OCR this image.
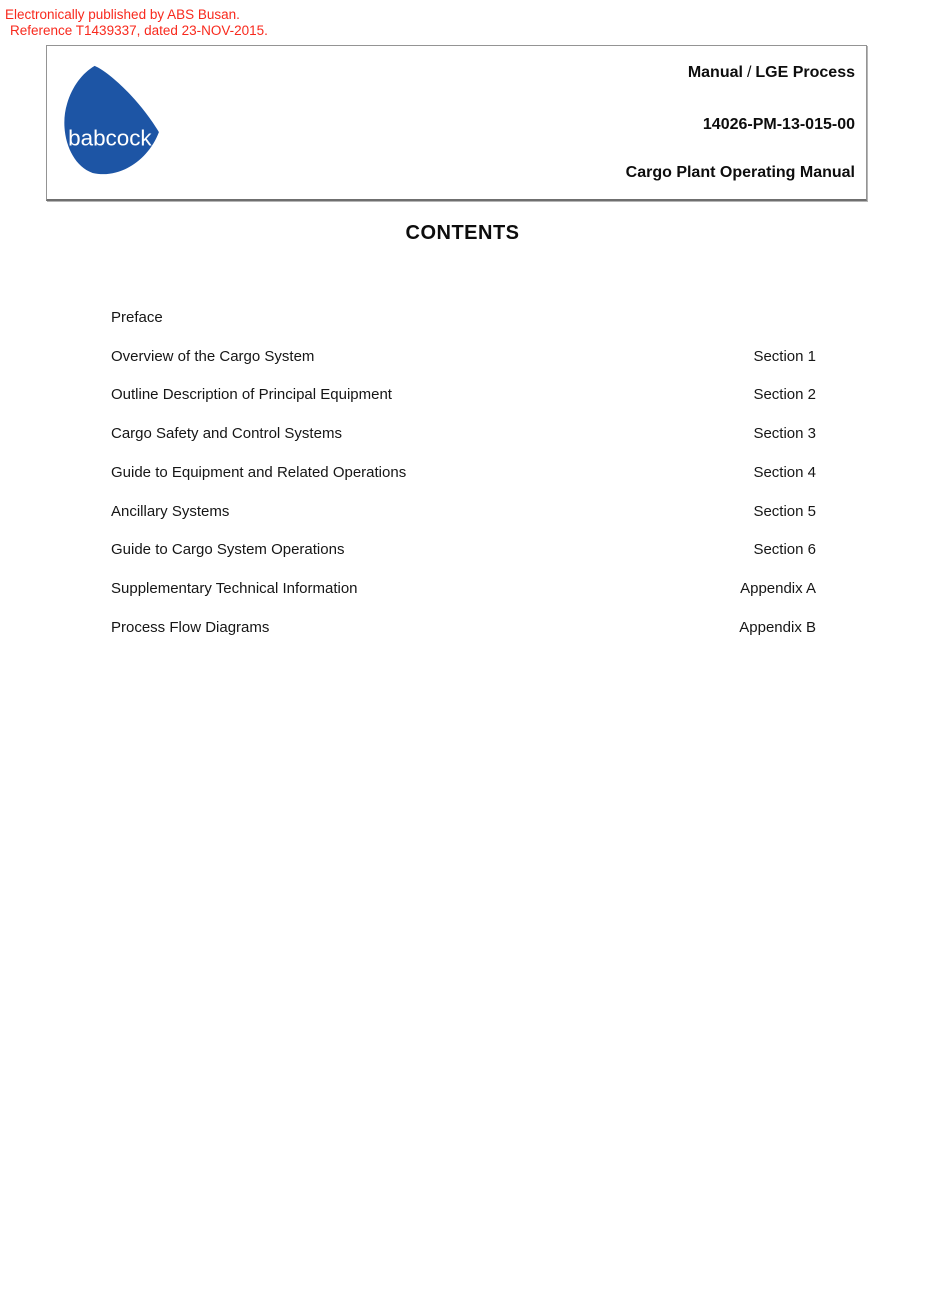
Electronically published by ABS Busan.
Reference T1439337, dated 23-NOV-2015.
babcock
Manual / LGE Process
14026-PM-13-015-00
Cargo Plant Operating Manual
CONTENTS
Preface
Overview of the Cargo System	Section 1
Outline Description of Principal Equipment	Section 2
Cargo Safety and Control Systems	Section 3
Guide to Equipment and Related Operations	Section 4
Ancillary Systems	Section 5
Guide to Cargo System Operations	Section 6
Supplementary Technical Information	Appendix A
Process Flow Diagrams	Appendix B
